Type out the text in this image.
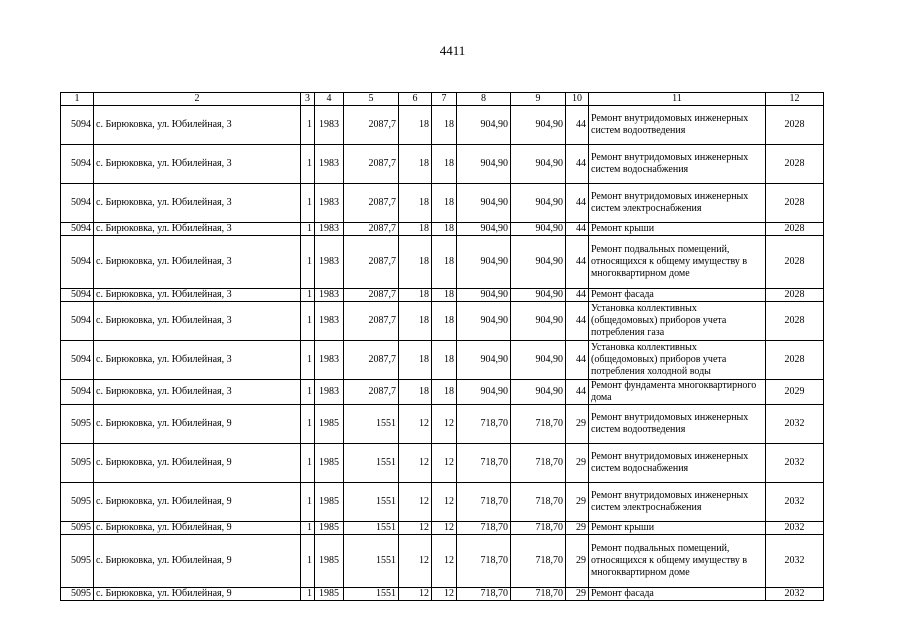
4411
1	2	3	4	5	6	7	8	9	10	11	12
5094	с. Бирюковка, ул. Юбилейная, 3	1	1983	2087,7	18	18	904,90	904,90	44	Ремонт внутридомовых инженерных систем водоотведения	2028
5094	с. Бирюковка, ул. Юбилейная, 3	1	1983	2087,7	18	18	904,90	904,90	44	Ремонт внутридомовых инженерных систем водоснабжения	2028
5094	с. Бирюковка, ул. Юбилейная, 3	1	1983	2087,7	18	18	904,90	904,90	44	Ремонт внутридомовых инженерных систем электроснабжения	2028
5094	с. Бирюковка, ул. Юбилейная, 3	1	1983	2087,7	18	18	904,90	904,90	44	Ремонт крыши	2028
5094	с. Бирюковка, ул. Юбилейная, 3	1	1983	2087,7	18	18	904,90	904,90	44	Ремонт подвальных помещений, относящихся к общему имуществу в многоквартирном доме	2028
5094	с. Бирюковка, ул. Юбилейная, 3	1	1983	2087,7	18	18	904,90	904,90	44	Ремонт фасада	2028
5094	с. Бирюковка, ул. Юбилейная, 3	1	1983	2087,7	18	18	904,90	904,90	44	Установка коллективных (общедомовых) приборов учета потребления газа	2028
5094	с. Бирюковка, ул. Юбилейная, 3	1	1983	2087,7	18	18	904,90	904,90	44	Установка коллективных (общедомовых) приборов учета потребления холодной воды	2028
5094	с. Бирюковка, ул. Юбилейная, 3	1	1983	2087,7	18	18	904,90	904,90	44	Ремонт фундамента многоквартирного дома	2029
5095	с. Бирюковка, ул. Юбилейная, 9	1	1985	1551	12	12	718,70	718,70	29	Ремонт внутридомовых инженерных систем водоотведения	2032
5095	с. Бирюковка, ул. Юбилейная, 9	1	1985	1551	12	12	718,70	718,70	29	Ремонт внутридомовых инженерных систем водоснабжения	2032
5095	с. Бирюковка, ул. Юбилейная, 9	1	1985	1551	12	12	718,70	718,70	29	Ремонт внутридомовых инженерных систем электроснабжения	2032
5095	с. Бирюковка, ул. Юбилейная, 9	1	1985	1551	12	12	718,70	718,70	29	Ремонт крыши	2032
5095	с. Бирюковка, ул. Юбилейная, 9	1	1985	1551	12	12	718,70	718,70	29	Ремонт подвальных помещений, относящихся к общему имуществу в многоквартирном доме	2032
5095	с. Бирюковка, ул. Юбилейная, 9	1	1985	1551	12	12	718,70	718,70	29	Ремонт фасада	2032
